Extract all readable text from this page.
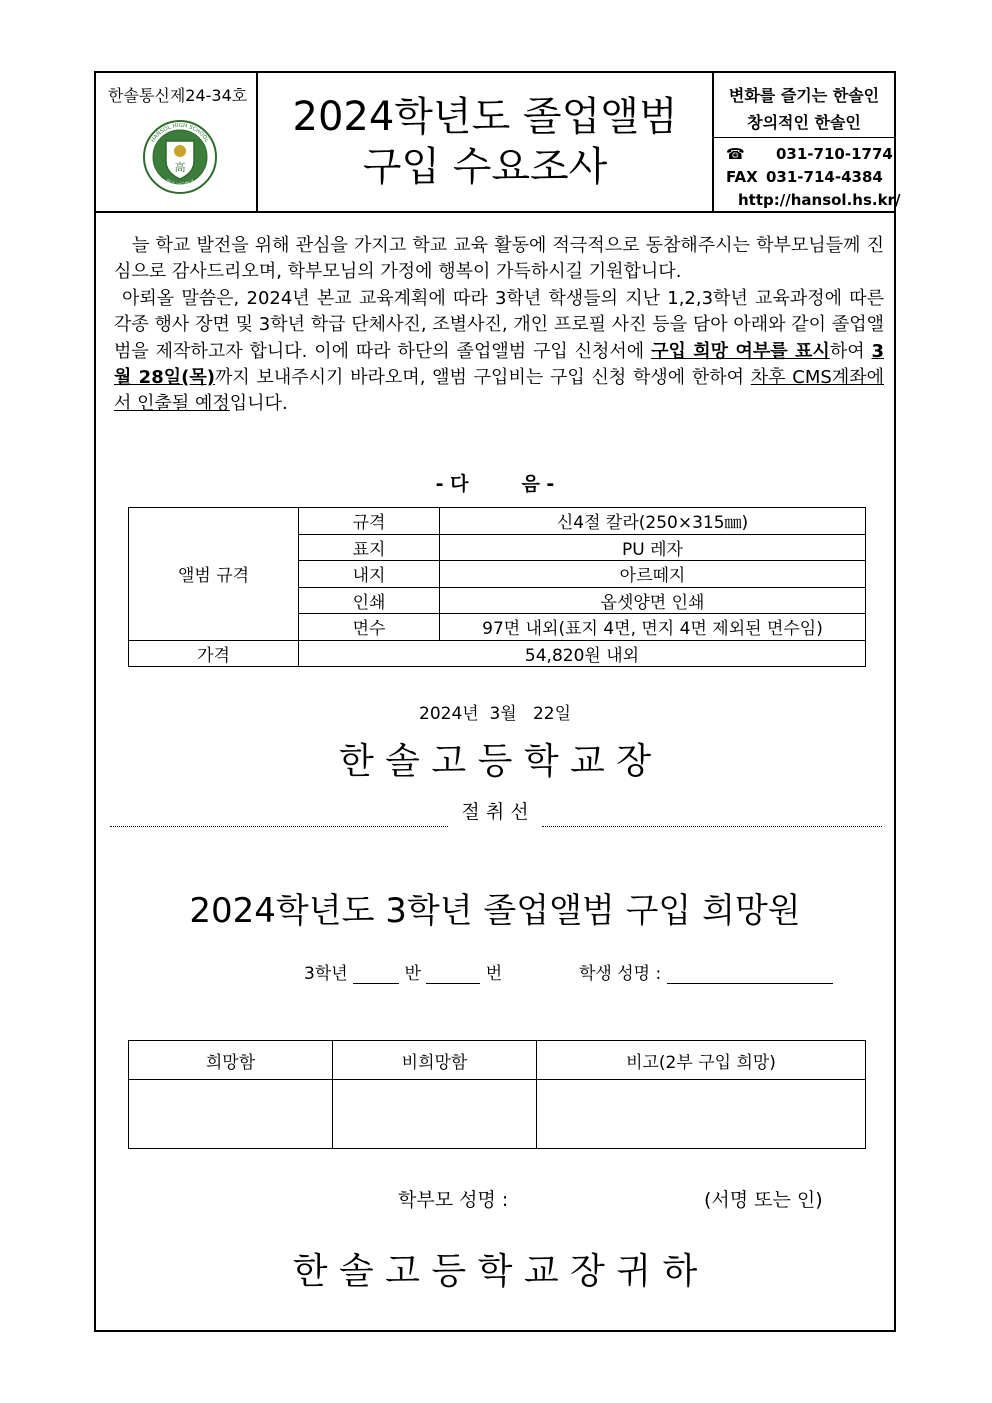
한솔통신제24-34호
高
HANSOL HIGH SCHOOL
한솔고등학교
2024학년도 졸업앨범
구입 수요조사
변화를 즐기는 한솔인
창의적인 한솔인
☎ 031-710-1774
FAX 031-714-4384
http://hansol.hs.kr/

늘 학교 발전을 위해 관심을 가지고 학교 교육 활동에 적극적으로 동참해주시는 학부모님들께 진심으로 감사드리오며, 학부모님의 가정에 행복이 가득하시길 기원합니다.

아뢰올 말씀은, 2024년 본교 교육계획에 따라 3학년 학생들의 지난 1,2,3학년 교육과정에 따른 각종 행사 장면 및 3학년 학급 단체사진, 조별사진, 개인 프로필 사진 등을 담아 아래와 같이 졸업앨범을 제작하고자 합니다. 이에 따라 하단의 졸업앨범 구입 신청서에 구입 희망 여부를 표시하여 3월 28일(목)까지 보내주시기 바라오며, 앨범 구입비는 구입 신청 학생에 한하여 차후 CMS계좌에서 인출될 예정입니다.

- 다        음 -
앨범 규격	규격	신4절 칼라(250×315㎜)
	표지	PU 레자
	내지	아르떼지
	인쇄	옵셋양면 인쇄
	면수	97면 내외(표지 4면, 면지 4면 제외된 면수임)
가격	54,820원 내외	
2024년  3월   22일
한 솔 고 등 학 교 장
절 취 선
2024학년도 3학년 졸업앨범 구입 희망원
3학년	반	번	학생 성명 :
희망함	비희망함	비고(2부 구입 희망)

학부모 성명 :	(서명 또는 인)
한 솔 고 등 학 교 장 귀 하
